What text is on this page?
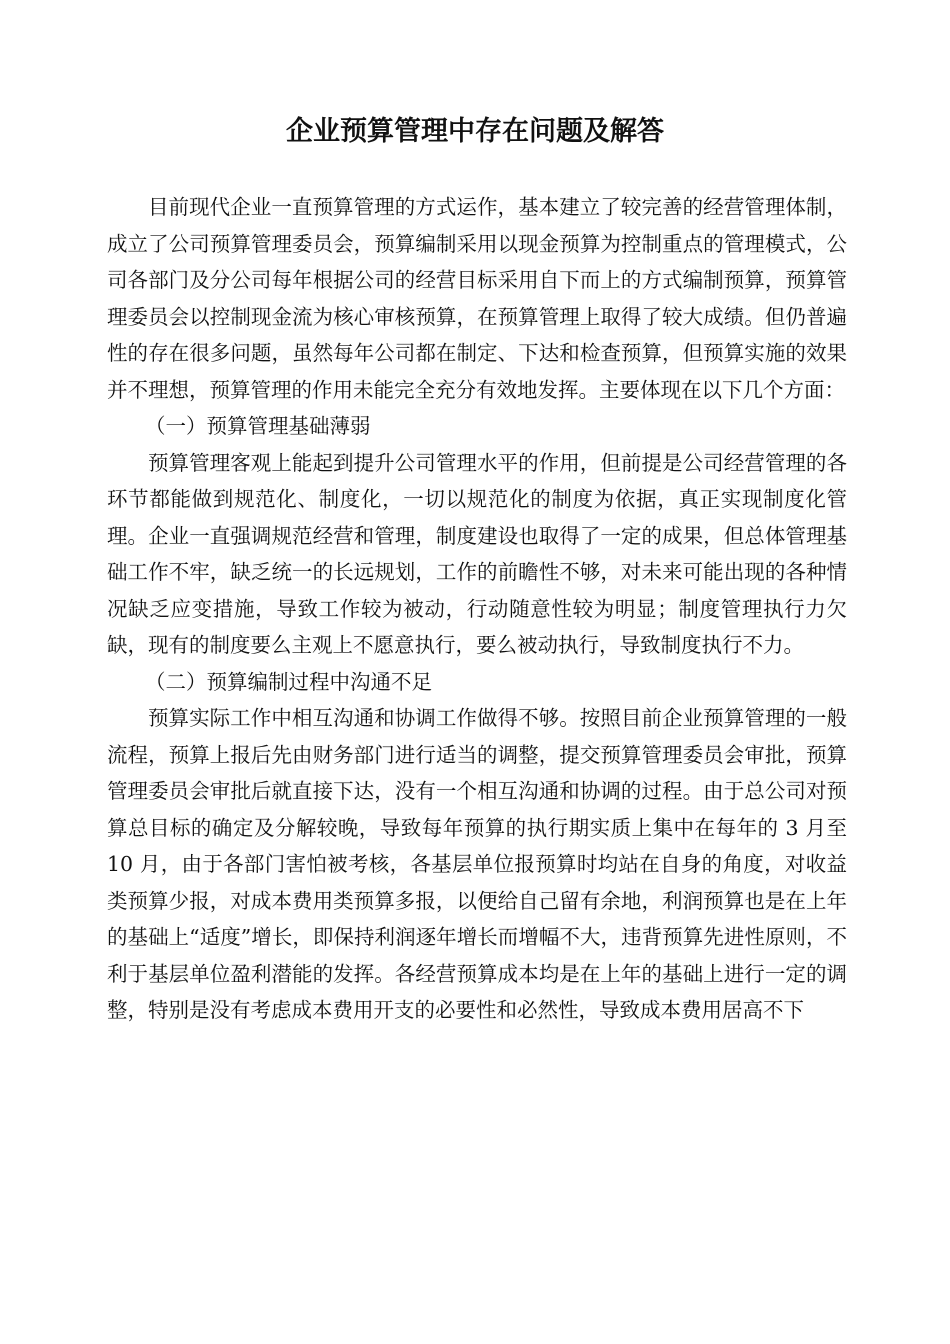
企业预算管理中存在问题及解答

目前现代企业一直预算管理的方式运作，基本建立了较完善的经营管理体制，成立了公司预算管理委员会，预算编制采用以现金预算为控制重点的管理模式，公司各部门及分公司每年根据公司的经营目标采用自下而上的方式编制预算，预算管理委员会以控制现金流为核心审核预算，在预算管理上取得了较大成绩。但仍普遍性的存在很多问题，虽然每年公司都在制定、下达和检查预算，但预算实施的效果并不理想，预算管理的作用未能完全充分有效地发挥。主要体现在以下几个方面：

（一）预算管理基础薄弱

预算管理客观上能起到提升公司管理水平的作用，但前提是公司经营管理的各环节都能做到规范化、制度化，一切以规范化的制度为依据，真正实现制度化管理。企业一直强调规范经营和管理，制度建设也取得了一定的成果，但总体管理基础工作不牢，缺乏统一的长远规划，工作的前瞻性不够，对未来可能出现的各种情况缺乏应变措施，导致工作较为被动，行动随意性较为明显；制度管理执行力欠缺，现有的制度要么主观上不愿意执行，要么被动执行，导致制度执行不力。

（二）预算编制过程中沟通不足

预算实际工作中相互沟通和协调工作做得不够。按照目前企业预算管理的一般流程，预算上报后先由财务部门进行适当的调整，提交预算管理委员会审批，预算管理委员会审批后就直接下达，没有一个相互沟通和协调的过程。由于总公司对预算总目标的确定及分解较晚，导致每年预算的执行期实质上集中在每年的 3 月至 10 月，由于各部门害怕被考核，各基层单位报预算时均站在自身的角度，对收益类预算少报，对成本费用类预算多报，以便给自己留有余地，利润预算也是在上年的基础上“适度”增长，即保持利润逐年增长而增幅不大，违背预算先进性原则，不利于基层单位盈利潜能的发挥。各经营预算成本均是在上年的基础上进行一定的调整，特别是没有考虑成本费用开支的必要性和必然性，导致成本费用居高不下
